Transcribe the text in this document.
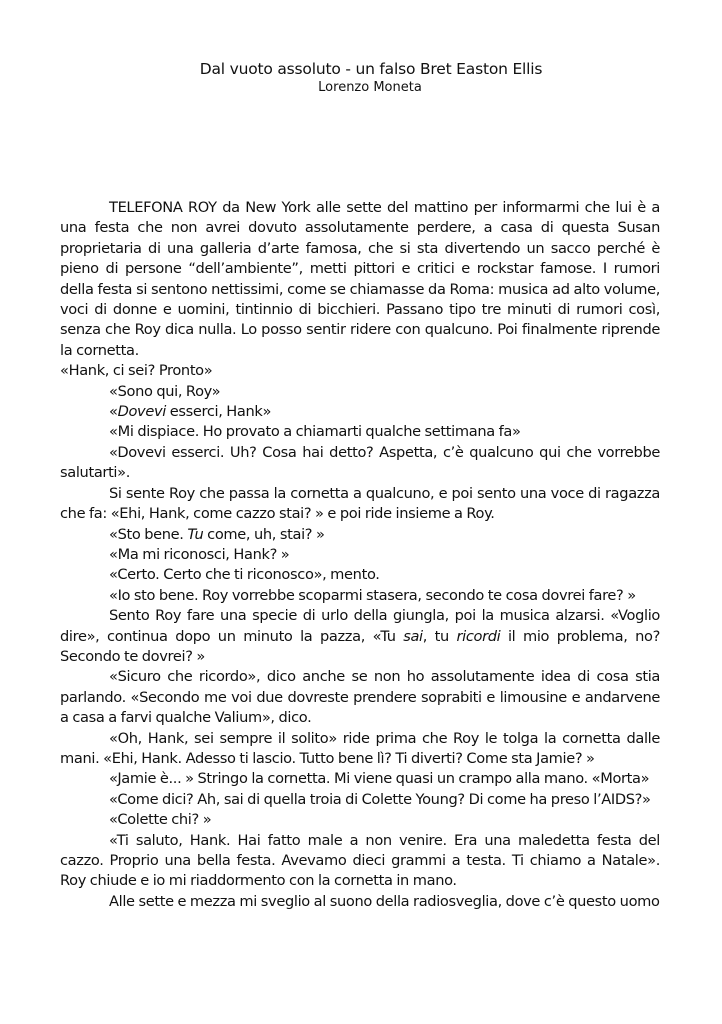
Dal vuoto assoluto - un falso Bret Easton Ellis
Lorenzo Moneta

TELEFONA ROY da New York alle sette del mattino per informarmi che lui è a una festa che non avrei dovuto assolutamente perdere, a casa di questa Susan proprietaria di una galleria d’arte famosa, che si sta divertendo un sacco perché è pieno di persone “dell’ambiente”, metti pittori e critici e rockstar famose. I rumori della festa si sentono nettissimi, come se chiamasse da Roma: musica ad alto volume, voci di donne e uomini, tintinnio di bicchieri. Passano tipo tre minuti di rumori così, senza che Roy dica nulla. Lo posso sentir ridere con qualcuno. Poi finalmente riprende la cornetta.

«Hank, ci sei? Pronto»

«Sono qui, Roy»

«Dovevi esserci, Hank»

«Mi dispiace. Ho provato a chiamarti qualche settimana fa»

«Dovevi esserci. Uh? Cosa hai detto? Aspetta, c’è qualcuno qui che vorrebbe salutarti».

Si sente Roy che passa la cornetta a qualcuno, e poi sento una voce di ragazza che fa: «Ehi, Hank, come cazzo stai? » e poi ride insieme a Roy.

«Sto bene. Tu come, uh, stai? »

«Ma mi riconosci, Hank? »

«Certo. Certo che ti riconosco», mento.

«Io sto bene. Roy vorrebbe scoparmi stasera, secondo te cosa dovrei fare? »

Sento Roy fare una specie di urlo della giungla, poi la musica alzarsi. «Voglio dire», continua dopo un minuto la pazza, «Tu sai, tu ricordi il mio problema, no? Secondo te dovrei? »

«Sicuro che ricordo», dico anche se non ho assolutamente idea di cosa stia parlando. «Secondo me voi due dovreste prendere soprabiti e limousine e andarvene a casa a farvi qualche Valium», dico.

«Oh, Hank, sei sempre il solito» ride prima che Roy le tolga la cornetta dalle mani. «Ehi, Hank. Adesso ti lascio. Tutto bene lì? Ti diverti? Come sta Jamie? »

«Jamie è... » Stringo la cornetta. Mi viene quasi un crampo alla mano. «Morta»

«Come dici? Ah, sai di quella troia di Colette Young? Di come ha preso l’AIDS?»

«Colette chi? »

«Ti saluto, Hank. Hai fatto male a non venire. Era una maledetta festa del cazzo. Proprio una bella festa. Avevamo dieci grammi a testa. Ti chiamo a Natale». Roy chiude e io mi riaddormento con la cornetta in mano.

Alle sette e mezza mi sveglio al suono della radiosveglia, dove c’è questo uomo
